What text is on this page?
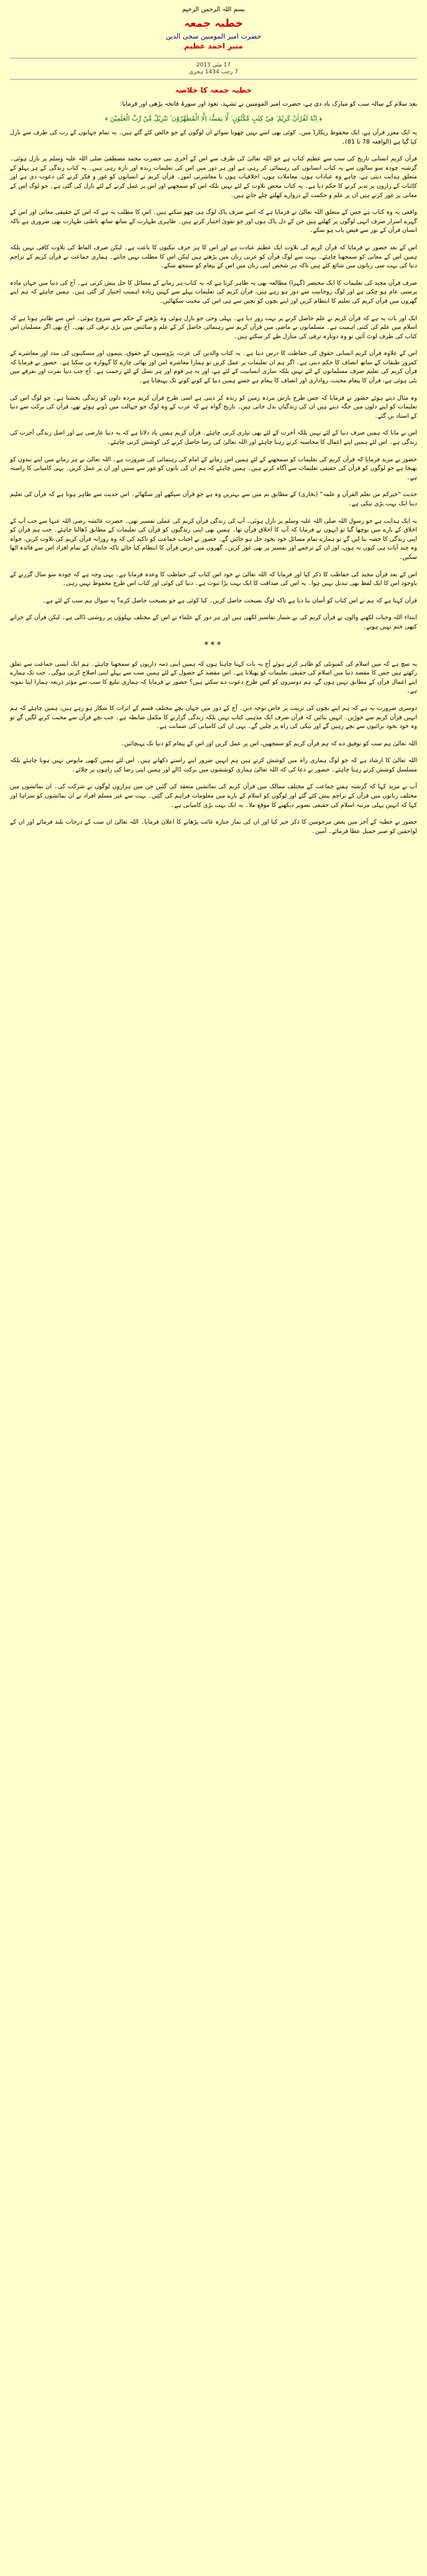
بسم اللہ الرحمن الرحیم
خطبہ جمعہ
حضرت امیر المومنین سخی الدین
منیر احمد عظیم
17 مئی 2013
7 رجب 1434 ہجری
خطبہ جمعہ کا خلاصہ

بعد سلام کے سالہ سب کو مبارک باد دی ہے، حضرت امیر المومنین نے تشہد، تعوذ اور سورۃ فاتحہ پڑھی اور فرمایا:

﴿ اِنَّهٗ لَقُرْاٰنٌ كَرِيْمٌ ۙ فِيْ كِتٰبٍ مَّكْنُوْنٍ ۙ لَّا يَمَسُّهٗۤ اِلَّا الْمُطَهَّرُوْنَ ۙ تَنْزِيْلٌ مِّنْ رَّبِّ الْعٰلَمِيْنَ ﴾

یہ ایک معزز قرآن ہے، ایک محفوظ ریکارڈ میں۔ کوئی بھی اسے نہیں چھوتا سوائے ان لوگوں کے جو خالص کئے گئے ہیں۔ یہ تمام جہانوں کے رب کی طرف سے نازل کیا گیا ہے (الواقعہ 78 تا 81)۔

قرآن کریم انسانی تاریخ کی سب سے عظیم کتاب ہے جو اللہ تعالیٰ کی طرف سے اس کے آخری نبی حضرت محمد مصطفیٰ صلی اللہ علیہ وسلم پر نازل ہوئی۔ گزشتہ چودہ سو سالوں سے یہ کتاب انسانوں کی رہنمائی کر رہی ہے اور ہر دور میں اس کی تعلیمات زندہ اور تازہ رہی ہیں۔ یہ کتاب زندگی کے ہر پہلو کے متعلق ہدایت دیتی ہے، چاہے وہ عبادات ہوں، معاملات ہوں، اخلاقیات ہوں یا معاشرتی امور۔ قرآن کریم نے انسانوں کو غور و فکر کرنے کی دعوت دی ہے اور کائنات کے رازوں پر تدبر کرنے کا حکم دیا ہے۔ یہ کتاب محض تلاوت کے لئے نہیں بلکہ اس کو سمجھنے اور اس پر عمل کرنے کے لئے نازل کی گئی ہے۔ جو لوگ اس کے معانی پر غور کرتے ہیں ان پر علم و حکمت کے دروازے کھلتے چلے جاتے ہیں۔

واقعی یہ وہ کتاب ہے جس کے متعلق اللہ تعالیٰ نے فرمایا ہے کہ اسے صرف پاک لوگ ہی چھو سکتے ہیں۔ اس کا مطلب یہ ہے کہ اس کے حقیقی معانی اور اس کے گہرے اسرار صرف انہی لوگوں پر کھلتے ہیں جن کے دل پاک ہوں اور جو تقویٰ اختیار کرتے ہیں۔ ظاہری طہارت کے ساتھ ساتھ باطنی طہارت بھی ضروری ہے تاکہ انسان قرآن کے نور سے فیض یاب ہو سکے۔

اس کے بعد حضور نے فرمایا کہ قرآن کریم کی تلاوت ایک عظیم عبادت ہے اور اس کا ہر حرف نیکیوں کا باعث ہے۔ لیکن صرف الفاظ کی تلاوت کافی نہیں بلکہ ہمیں اس کے معانی کو سمجھنا چاہئے۔ بہت سے لوگ قرآن کو عربی زبان میں پڑھتے ہیں لیکن اس کا مطلب نہیں جانتے۔ ہماری جماعت نے قرآن کریم کے تراجم دنیا کی بہت سی زبانوں میں شائع کئے ہیں تاکہ ہر شخص اپنی زبان میں اس کے پیغام کو سمجھ سکے۔

صرف قرآن مجید کی تعلیمات کا ایک مختصر (گہرا) مطالعہ بھی یہ ظاہر کرتا ہے کہ یہ کتاب ہر زمانے کے مسائل کا حل پیش کرتی ہے۔ آج کی دنیا میں جہاں مادہ پرستی عام ہو چکی ہے اور لوگ روحانیت سے دور ہو رہے ہیں، قرآن کریم کی تعلیمات پہلے سے کہیں زیادہ اہمیت اختیار کر گئی ہیں۔ ہمیں چاہئے کہ ہم اپنے گھروں میں قرآن کریم کی تعلیم کا انتظام کریں اور اپنے بچوں کو بچپن سے ہی اس کی محبت سکھائیں۔

ایک اور بات یہ ہے کہ قرآن کریم نے علم حاصل کرنے پر بہت زور دیا ہے۔ پہلی وحی جو نازل ہوئی وہ پڑھنے کے حکم سے شروع ہوئی۔ اس سے ظاہر ہوتا ہے کہ اسلام میں علم کی کتنی اہمیت ہے۔ مسلمانوں نے ماضی میں قرآن کریم سے رہنمائی حاصل کر کے علم و سائنس میں بڑی ترقی کی تھی۔ آج بھی اگر مسلمان اس کتاب کی طرف لوٹ آئیں تو وہ دوبارہ ترقی کی منازل طے کر سکتے ہیں۔

اس کے علاوہ قرآن کریم انسانی حقوق کی حفاظت کا درس دیتا ہے۔ یہ کتاب والدین کی عزت، پڑوسیوں کے حقوق، یتیموں اور مسکینوں کی مدد اور معاشرے کے کمزور طبقات کے ساتھ انصاف کا حکم دیتی ہے۔ اگر ہم ان تعلیمات پر عمل کریں تو ہمارا معاشرہ امن اور بھائی چارے کا گہوارہ بن سکتا ہے۔ حضور نے فرمایا کہ قرآن کریم کی تعلیم صرف مسلمانوں کے لئے نہیں بلکہ ساری انسانیت کے لئے ہے، اور یہ ہر قوم اور ہر نسل کے لئے رحمت ہے۔ آج جب دنیا نفرت اور تفرقے میں بٹی ہوئی ہے، قرآن کا پیغام محبت، رواداری اور انصاف کا پیغام ہے جسے ہمیں دنیا کے کونے کونے تک پہنچانا ہے۔

وہ مثال دیتے ہوئے حضور نے فرمایا کہ جس طرح بارش مردہ زمین کو زندہ کر دیتی ہے اسی طرح قرآن کریم مردہ دلوں کو زندگی بخشتا ہے۔ جو لوگ اس کی تعلیمات کو اپنے دلوں میں جگہ دیتے ہیں ان کی زندگیاں بدل جاتی ہیں۔ تاریخ گواہ ہے کہ عرب کے وہ لوگ جو جہالت میں ڈوبے ہوئے تھے، قرآن کی برکت سے دنیا کے استاد بن گئے۔

اس نے مانا کہ ہمیں صرف دنیا کے لئے نہیں بلکہ آخرت کے لئے بھی تیاری کرنی چاہئے۔ قرآن کریم ہمیں یاد دلاتا ہے کہ یہ دنیا عارضی ہے اور اصل زندگی آخرت کی زندگی ہے۔ اس لئے ہمیں اپنے اعمال کا محاسبہ کرتے رہنا چاہئے اور اللہ تعالیٰ کی رضا حاصل کرنے کی کوشش کرنی چاہئے۔

حضور نے مزید فرمایا کہ قرآن کریم کی تعلیمات کو سمجھنے کے لئے ہمیں اس زمانے کے امام کی رہنمائی کی ضرورت ہے۔ اللہ تعالیٰ نے ہر زمانے میں اپنے بندوں کو بھیجا ہے جو لوگوں کو قرآن کی حقیقی تعلیمات سے آگاہ کرتے ہیں۔ ہمیں چاہئے کہ ہم ان کی باتوں کو غور سے سنیں اور ان پر عمل کریں۔ یہی کامیابی کا راستہ ہے۔

حدیث "خیرکم من تعلم القرآن و علمہ" (بخاری) کے مطابق تم میں سے بہترین وہ ہے جو قرآن سیکھے اور سکھائے۔ اس حدیث سے ظاہر ہوتا ہے کہ قرآن کی تعلیم دینا ایک بہت بڑی نیکی ہے۔

یہ ایک ہدایت ہے جو رسول اللہ صلی اللہ علیہ وسلم پر نازل ہوئی۔ آپ کی زندگی قرآن کریم کی عملی تفسیر تھی۔ حضرت عائشہ رضی اللہ عنہا سے جب آپ کے اخلاق کے بارے میں پوچھا گیا تو انہوں نے فرمایا کہ آپ کا اخلاق قرآن تھا۔ ہمیں بھی اپنی زندگیوں کو قرآن کی تعلیمات کے مطابق ڈھالنا چاہئے۔ جب ہم قرآن کو اپنی زندگی کا حصہ بنا لیں گے تو ہمارے تمام مسائل خود بخود حل ہو جائیں گے۔ حضور نے احباب جماعت کو تاکید کی کہ وہ روزانہ قرآن کریم کی تلاوت کریں، خواہ وہ چند آیات ہی کیوں نہ ہوں، اور ان کے ترجمے اور تفسیر پر بھی غور کریں۔ گھروں میں درس قرآن کا انتظام کیا جائے تاکہ خاندان کے تمام افراد اس سے فائدہ اٹھا سکیں۔

اس کے بعد قرآن مجید کی حفاظت کا ذکر کیا اور فرمایا کہ اللہ تعالیٰ نے خود اس کتاب کی حفاظت کا وعدہ فرمایا ہے۔ یہی وجہ ہے کہ چودہ سو سال گزرنے کے باوجود اس کا ایک لفظ بھی تبدیل نہیں ہوا۔ یہ اس کی صداقت کا ایک بہت بڑا ثبوت ہے۔ دنیا کی کوئی اور کتاب اس طرح محفوظ نہیں رہی۔

قرآن کہتا ہے کہ ہم نے اس کتاب کو آسان بنا دیا ہے تاکہ لوگ نصیحت حاصل کریں۔ کیا کوئی ہے جو نصیحت حاصل کرے؟ یہ سوال ہم سب کے لئے ہے۔

ابتداء اللہ وحیات لکھنے والوں نے قرآن کریم کی بے شمار تفاسیر لکھی ہیں اور ہر دور کے علماء نے اس کے مختلف پہلوؤں پر روشنی ڈالی ہے۔ لیکن قرآن کے خزانے کبھی ختم نہیں ہوتے۔

***

یہ سچ ہے کہ میں اسلام کی کمیونٹی کو ظاہر کرتے ہوئے آج یہ بات کہنا چاہتا ہوں کہ ہمیں اپنی ذمہ داریوں کو سمجھنا چاہئے۔ ہم ایک ایسی جماعت سے تعلق رکھتے ہیں جس کا مقصد دنیا میں اسلام کی حقیقی تعلیمات کو پھیلانا ہے۔ اس مقصد کے حصول کے لئے ہمیں سب سے پہلے اپنی اصلاح کرنی ہوگی۔ جب تک ہمارے اپنے اعمال قرآن کے مطابق نہیں ہوں گے، ہم دوسروں کو کس طرح دعوت دے سکتے ہیں؟ حضور نے فرمایا کہ ہماری تبلیغ کا سب سے مؤثر ذریعہ ہمارا اپنا نمونہ ہے۔

دوسری ضرورت یہ ہے کہ ہم اپنے بچوں کی تربیت پر خاص توجہ دیں۔ آج کے دور میں جہاں بچے مختلف قسم کے اثرات کا شکار ہو رہے ہیں، ہمیں چاہئے کہ ہم انہیں قرآن کریم سے جوڑیں۔ انہیں بتائیں کہ قرآن صرف ایک مذہبی کتاب نہیں بلکہ زندگی گزارنے کا مکمل ضابطہ ہے۔ جب بچے قرآن سے محبت کرنے لگیں گے تو وہ خود بخود برائیوں سے بچے رہیں گے اور نیکی کی راہ پر چلیں گے۔ یہی ان کی کامیابی کی ضمانت ہے۔

اللہ تعالیٰ ہم سب کو توفیق دے کہ ہم قرآن کریم کو سمجھیں، اس پر عمل کریں اور اس کے پیغام کو دنیا تک پہنچائیں۔

اللہ تعالیٰ کا ارشاد ہے کہ جو لوگ ہماری راہ میں کوشش کرتے ہیں ہم انہیں ضرور اپنے راستے دکھاتے ہیں۔ اس لئے ہمیں کبھی مایوس نہیں ہونا چاہئے بلکہ مسلسل کوشش کرتے رہنا چاہئے۔ حضور نے دعا کی کہ اللہ تعالیٰ ہماری کوششوں میں برکت ڈالے اور ہمیں اپنی رضا کی راہوں پر چلائے۔

آپ نے مزید کہا کہ گزشتہ ہفتے جماعت کے مختلف ممالک میں قرآن کریم کی نمائشیں منعقد کی گئیں جن میں ہزاروں لوگوں نے شرکت کی۔ ان نمائشوں میں مختلف زبانوں میں قرآن کے تراجم پیش کئے گئے اور لوگوں کو اسلام کے بارے میں معلومات فراہم کی گئیں۔ بہت سے غیر مسلم افراد نے ان نمائشوں کو سراہا اور کہا کہ انہیں پہلی مرتبہ اسلام کی حقیقی تصویر دیکھنے کا موقع ملا۔ یہ ایک بہت بڑی کامیابی ہے۔

حضور نے خطبہ کے آخر میں بعض مرحومین کا ذکر خیر کیا اور ان کی نماز جنازہ غائب پڑھانے کا اعلان فرمایا۔ اللہ تعالیٰ ان سب کے درجات بلند فرمائے اور ان کے لواحقین کو صبر جمیل عطا فرمائے۔ آمین۔
